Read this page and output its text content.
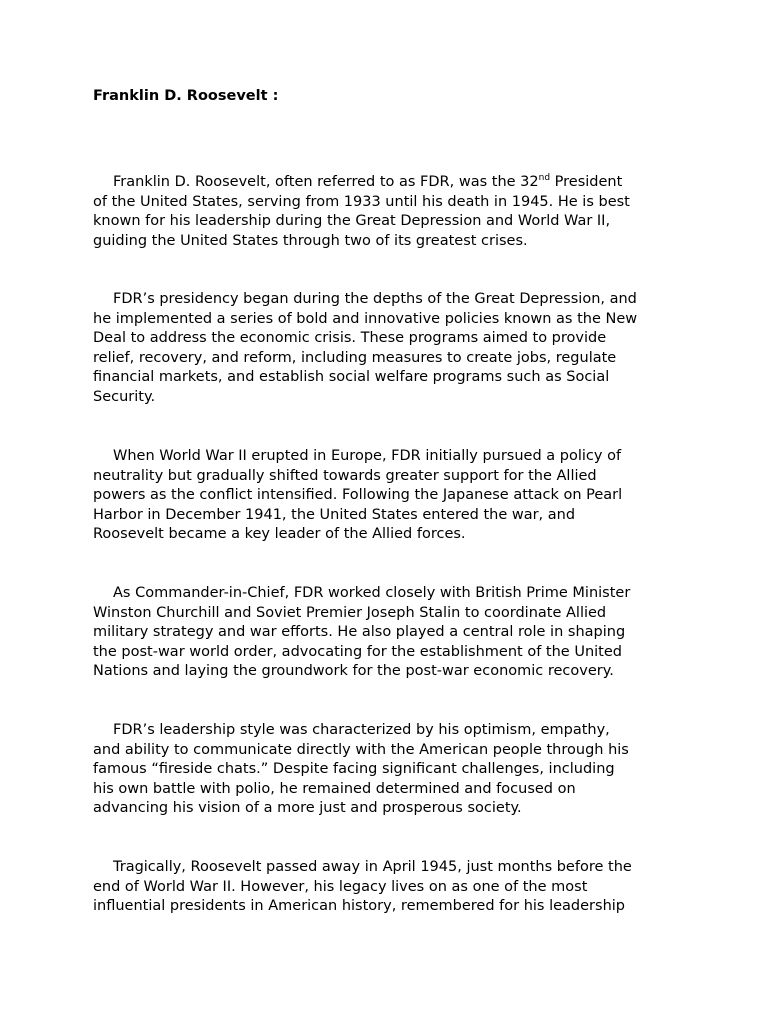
Franklin D. Roosevelt :

Franklin D. Roosevelt, often referred to as FDR, was the 32nd President
of the United States, serving from 1933 until his death in 1945. He is best
known for his leadership during the Great Depression and World War II,
guiding the United States through two of its greatest crises.

FDR’s presidency began during the depths of the Great Depression, and
he implemented a series of bold and innovative policies known as the New
Deal to address the economic crisis. These programs aimed to provide
relief, recovery, and reform, including measures to create jobs, regulate
financial markets, and establish social welfare programs such as Social
Security.

When World War II erupted in Europe, FDR initially pursued a policy of
neutrality but gradually shifted towards greater support for the Allied
powers as the conflict intensified. Following the Japanese attack on Pearl
Harbor in December 1941, the United States entered the war, and
Roosevelt became a key leader of the Allied forces.

As Commander-in-Chief, FDR worked closely with British Prime Minister
Winston Churchill and Soviet Premier Joseph Stalin to coordinate Allied
military strategy and war efforts. He also played a central role in shaping
the post-war world order, advocating for the establishment of the United
Nations and laying the groundwork for the post-war economic recovery.

FDR’s leadership style was characterized by his optimism, empathy,
and ability to communicate directly with the American people through his
famous “fireside chats.” Despite facing significant challenges, including
his own battle with polio, he remained determined and focused on
advancing his vision of a more just and prosperous society.

Tragically, Roosevelt passed away in April 1945, just months before the
end of World War II. However, his legacy lives on as one of the most
influential presidents in American history, remembered for his leadership
